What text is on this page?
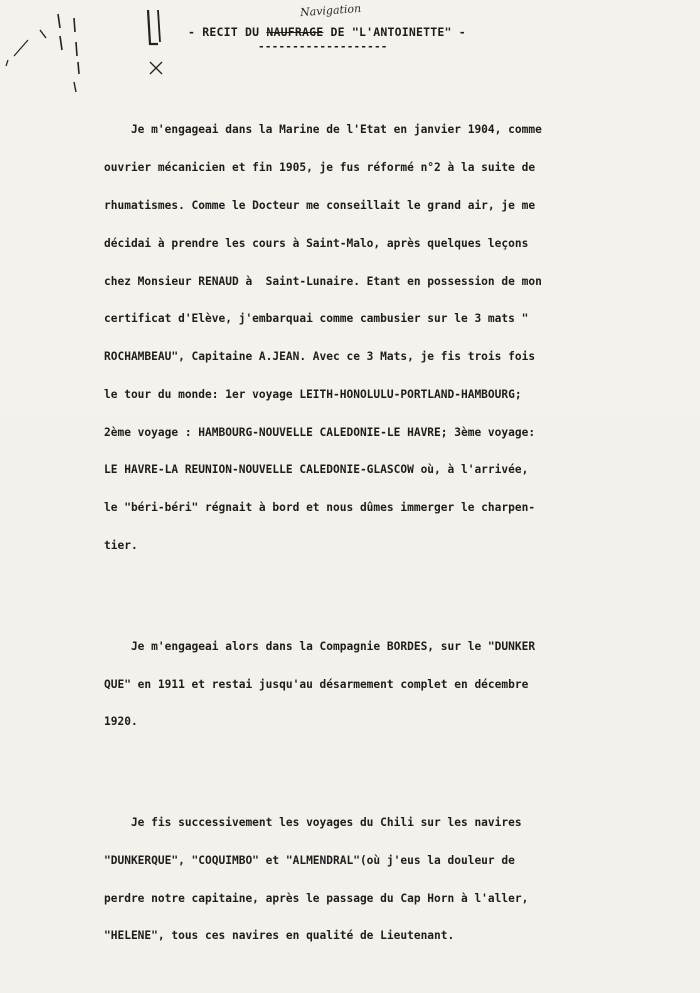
Navigation
- RECIT DU NAUFRAGE DE "L'ANTOINETTE" -
-------------------

Je m'engageai dans la Marine de l'Etat en janvier 1904, comme

ouvrier mécanicien et fin 1905, je fus réformé n°2 à la suite de

rhumatismes. Comme le Docteur me conseillait le grand air, je me

décidai à prendre les cours à Saint-Malo, après quelques leçons

chez Monsieur RENAUD à  Saint-Lunaire. Etant en possession de mon

certificat d'Elève, j'embarquai comme cambusier sur le 3 mats "

ROCHAMBEAU", Capitaine A.JEAN. Avec ce 3 Mats, je fis trois fois

le tour du monde: 1er voyage LEITH-HONOLULU-PORTLAND-HAMBOURG;

2ème voyage : HAMBOURG-NOUVELLE CALEDONIE-LE HAVRE; 3ème voyage:

LE HAVRE-LA REUNION-NOUVELLE CALEDONIE-GLASCOW où, à l'arrivée,

le "béri-béri" régnait à bord et nous dûmes immerger le charpen-

tier.

Je m'engageai alors dans la Compagnie BORDES, sur le "DUNKER

QUE" en 1911 et restai jusqu'au désarmement complet en décembre

1920.

Je fis successivement les voyages du Chili sur les navires

"DUNKERQUE", "COQUIMBO" et "ALMENDRAL"(où j'eus la douleur de

perdre notre capitaine, après le passage du Cap Horn à l'aller,

"HELENE", tous ces navires en qualité de Lieutenant.
